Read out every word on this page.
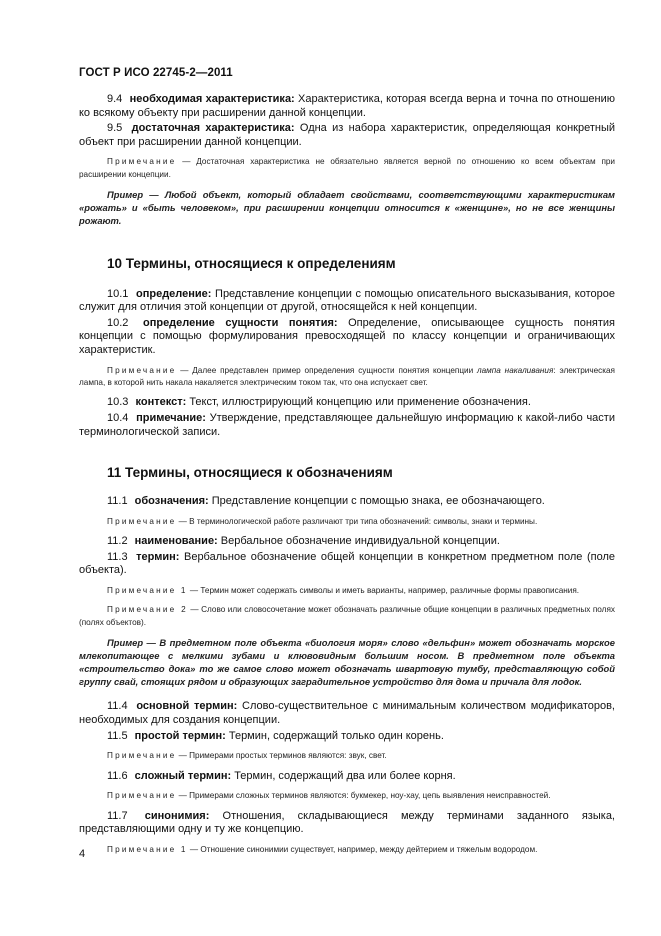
ГОСТ Р ИСО 22745-2—2011

9.4 необходимая характеристика: Характеристика, которая всегда верна и точна по отношению ко всякому объекту при расширении данной концепции.

9.5 достаточная характеристика: Одна из набора характеристик, определяющая конкретный объект при расширении данной концепции.

Примечание — Достаточная характеристика не обязательно является верной по отношению ко всем объектам при расширении концепции.

Пример — Любой объект, который обладает свойствами, соответствующими характеристикам «рожать» и «быть человеком», при расширении концепции относится к «женщине», но не все женщины рожают.

10 Термины, относящиеся к определениям

10.1 определение: Представление концепции с помощью описательного высказывания, которое служит для отличия этой концепции от другой, относящейся к ней концепции.

10.2 определение сущности понятия: Определение, описывающее сущность понятия концепции с помощью формулирования превосходящей по классу концепции и ограничивающих характеристик.

Примечание — Далее представлен пример определения сущности понятия концепции лампа накаливания: электрическая лампа, в которой нить накала накаляется электрическим током так, что она испускает свет.

10.3 контекст: Текст, иллюстрирующий концепцию или применение обозначения.

10.4 примечание: Утверждение, представляющее дальнейшую информацию к какой-либо части терминологической записи.

11 Термины, относящиеся к обозначениям

11.1 обозначения: Представление концепции с помощью знака, ее обозначающего.

Примечание — В терминологической работе различают три типа обозначений: символы, знаки и термины.

11.2 наименование: Вербальное обозначение индивидуальной концепции.

11.3 термин: Вербальное обозначение общей концепции в конкретном предметном поле (поле объекта).

Примечание 1 — Термин может содержать символы и иметь варианты, например, различные формы правописания.

Примечание 2 — Слово или словосочетание может обозначать различные общие концепции в различных предметных полях (полях объектов).

Пример — В предметном поле объекта «биология моря» слово «дельфин» может обозначать морское млекопитающее с мелкими зубами и клювовидным большим носом. В предметном поле объекта «строительство дока» то же самое слово может обозначать швартовую тумбу, представляющую собой группу свай, стоящих рядом и образующих заградительное устройство для дома и причала для лодок.

11.4 основной термин: Слово-существительное с минимальным количеством модификаторов, необходимых для создания концепции.

11.5 простой термин: Термин, содержащий только один корень.

Примечание — Примерами простых терминов являются: звук, свет.

11.6 сложный термин: Термин, содержащий два или более корня.

Примечание — Примерами сложных терминов являются: букмекер, ноу-хау, цепь выявления неисправностей.

11.7 синонимия: Отношения, складывающиеся между терминами заданного языка, представляющими одну и ту же концепцию.

Примечание 1 — Отношение синонимии существует, например, между дейтерием и тяжелым водородом.

4
